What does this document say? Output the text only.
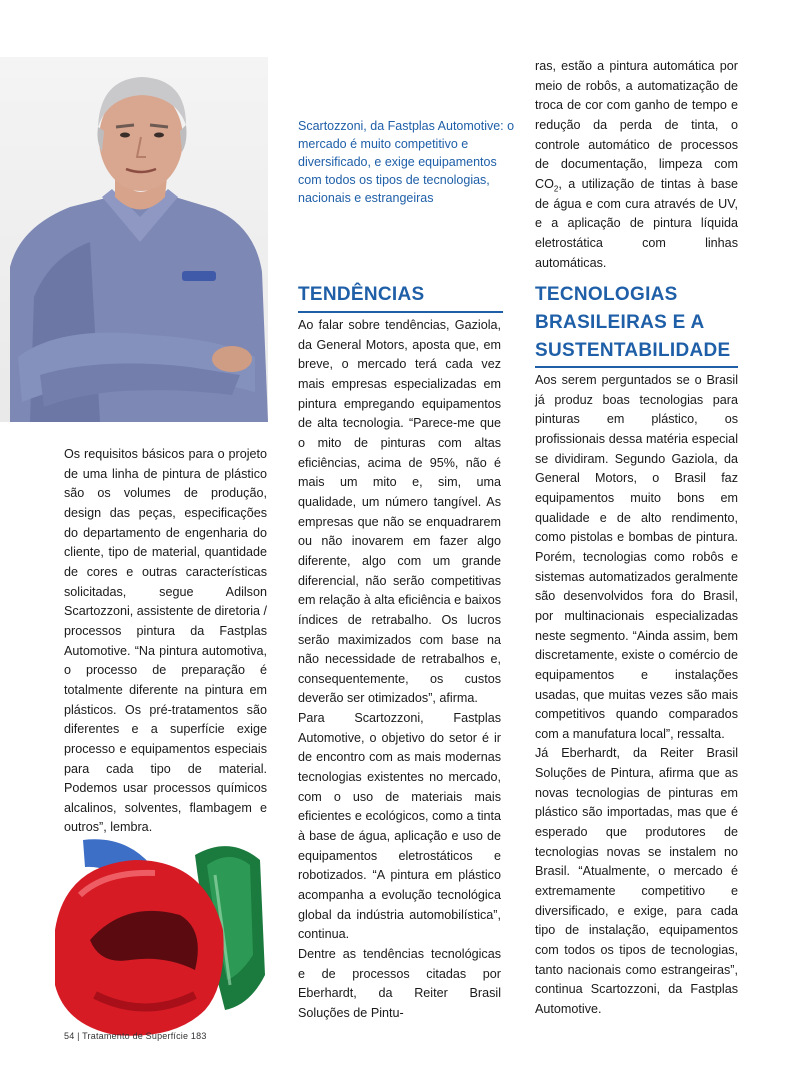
Scartozzoni, da Fastplas Automotive: o mercado é muito competitivo e diversificado, e exige equipamentos com todos os tipos de tecnologias, nacionais e estrangeiras

ras, estão a pintura automática por meio de robôs, a automatização de troca de cor com ganho de tempo e redução da perda de tinta, o controle automático de processos de documentação, limpeza com $CO_2$, a utilização de tintas à base de água e com cura através de UV, e a aplicação de pintura líquida eletrostática com linhas automáticas.

TENDÊNCIAS	TECNOLOGIAS BRASILEIRAS E A SUSTENTABILIDADE

Os requisitos básicos para o projeto de uma linha de pintura de plástico são os volumes de produção, design das peças, especificações do departamento de engenharia do cliente, tipo de material, quantidade de cores e outras características solicitadas, segue Adilson Scartozzoni, assistente de diretoria / processos pintura da Fastplas Automotive. “Na pintura automotiva, o processo de preparação é totalmente diferente na pintura em plásticos. Os pré-tratamentos são diferentes e a superfície exige processo e equipamentos especiais para cada tipo de material. Podemos usar processos químicos alcalinos, solventes, flambagem e outros”, lembra.

Ao falar sobre tendências, Gaziola, da General Motors, aposta que, em breve, o mercado terá cada vez mais empresas especializadas em pintura empregando equipamentos de alta tecnologia. “Parece-me que o mito de pinturas com altas eficiências, acima de 95%, não é mais um mito e, sim, uma qualidade, um número tangível. As empresas que não se enquadrarem ou não inovarem em fazer algo diferente, algo com um grande diferencial, não serão competitivas em relação à alta eficiência e baixos índices de retrabalho. Os lucros serão maximizados com base na não necessidade de retrabalhos e, consequentemente, os custos deverão ser otimizados”, afirma.

Para Scartozzoni, Fastplas Automotive, o objetivo do setor é ir de encontro com as mais modernas tecnologias existentes no mercado, com o uso de materiais mais eficientes e ecológicos, como a tinta à base de água, aplicação e uso de equipamentos eletrostáticos e robotizados. “A pintura em plástico acompanha a evolução tecnológica global da indústria automobilística”, continua.

Dentre as tendências tecnológicas e de processos citadas por Eberhardt, da Reiter Brasil Soluções de Pintu-

Aos serem perguntados se o Brasil já produz boas tecnologias para pinturas em plástico, os profissionais dessa matéria especial se dividiram. Segundo Gaziola, da General Motors, o Brasil faz equipamentos muito bons em qualidade e de alto rendimento, como pistolas e bombas de pintura. Porém, tecnologias como robôs e sistemas automatizados geralmente são desenvolvidos fora do Brasil, por multinacionais especializadas neste segmento. “Ainda assim, bem discretamente, existe o comércio de equipamentos e instalações usadas, que muitas vezes são mais competitivos quando comparados com a manufatura local”, ressalta.

Já Eberhardt, da Reiter Brasil Soluções de Pintura, afirma que as novas tecnologias de pinturas em plástico são importadas, mas que é esperado que produtores de tecnologias novas se instalem no Brasil. “Atualmente, o mercado é extremamente competitivo e diversificado, e exige, para cada tipo de instalação, equipamentos com todos os tipos de tecnologias, tanto nacionais como estrangeiras”, continua Scartozzoni, da Fastplas Automotive.

54 | Tratamento de Superfície 183
